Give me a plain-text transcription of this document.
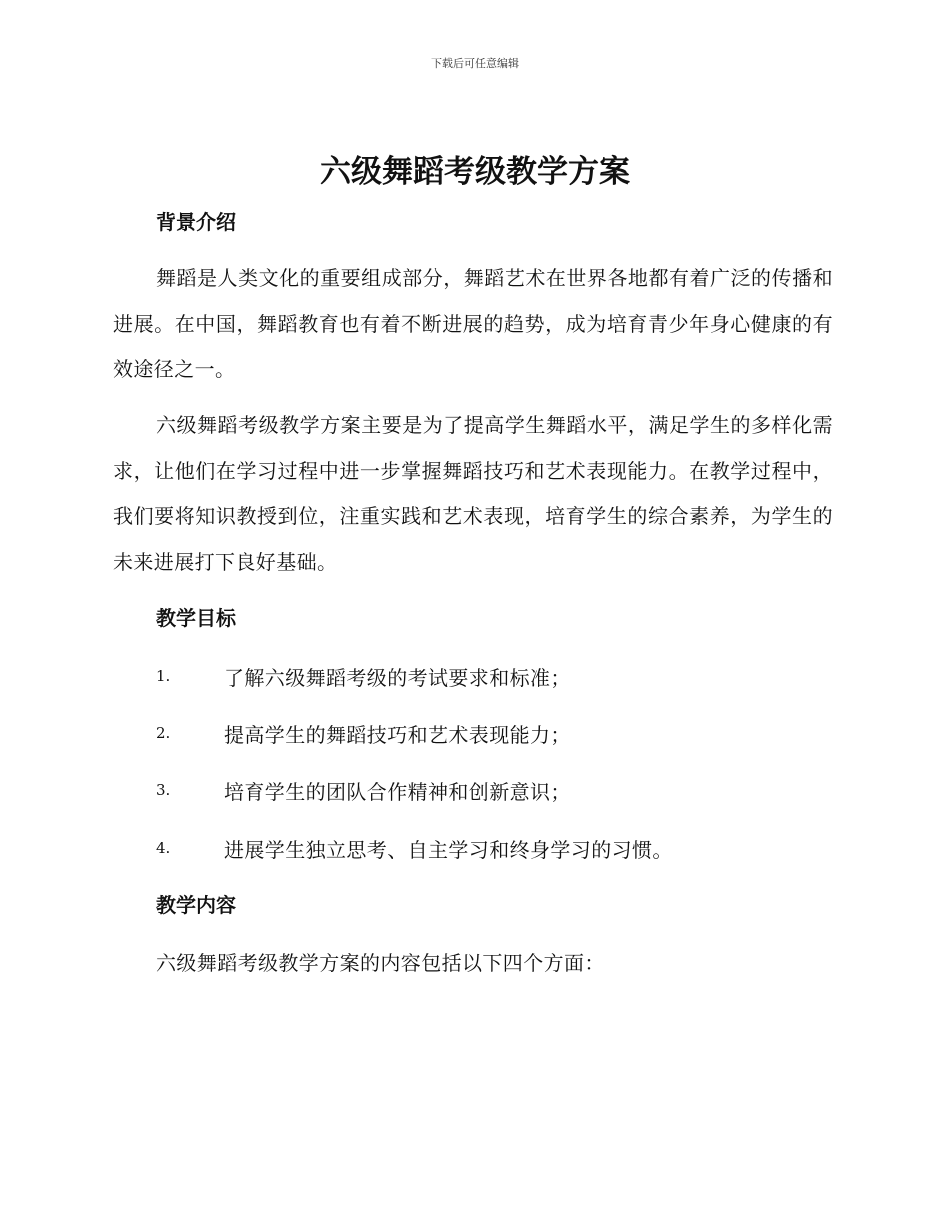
下载后可任意编辑
六级舞蹈考级教学方案
背景介绍

舞蹈是人类文化的重要组成部分，舞蹈艺术在世界各地都有着广泛的传播和进展。在中国，舞蹈教育也有着不断进展的趋势，成为培育青少年身心健康的有效途径之一。

六级舞蹈考级教学方案主要是为了提高学生舞蹈水平，满足学生的多样化需求，让他们在学习过程中进一步掌握舞蹈技巧和艺术表现能力。在教学过程中，我们要将知识教授到位，注重实践和艺术表现，培育学生的综合素养，为学生的未来进展打下良好基础。

教学目标
1.	了解六级舞蹈考级的考试要求和标准；
2.	提高学生的舞蹈技巧和艺术表现能力；
3.	培育学生的团队合作精神和创新意识；
4.	进展学生独立思考、自主学习和终身学习的习惯。
教学内容

六级舞蹈考级教学方案的内容包括以下四个方面：
